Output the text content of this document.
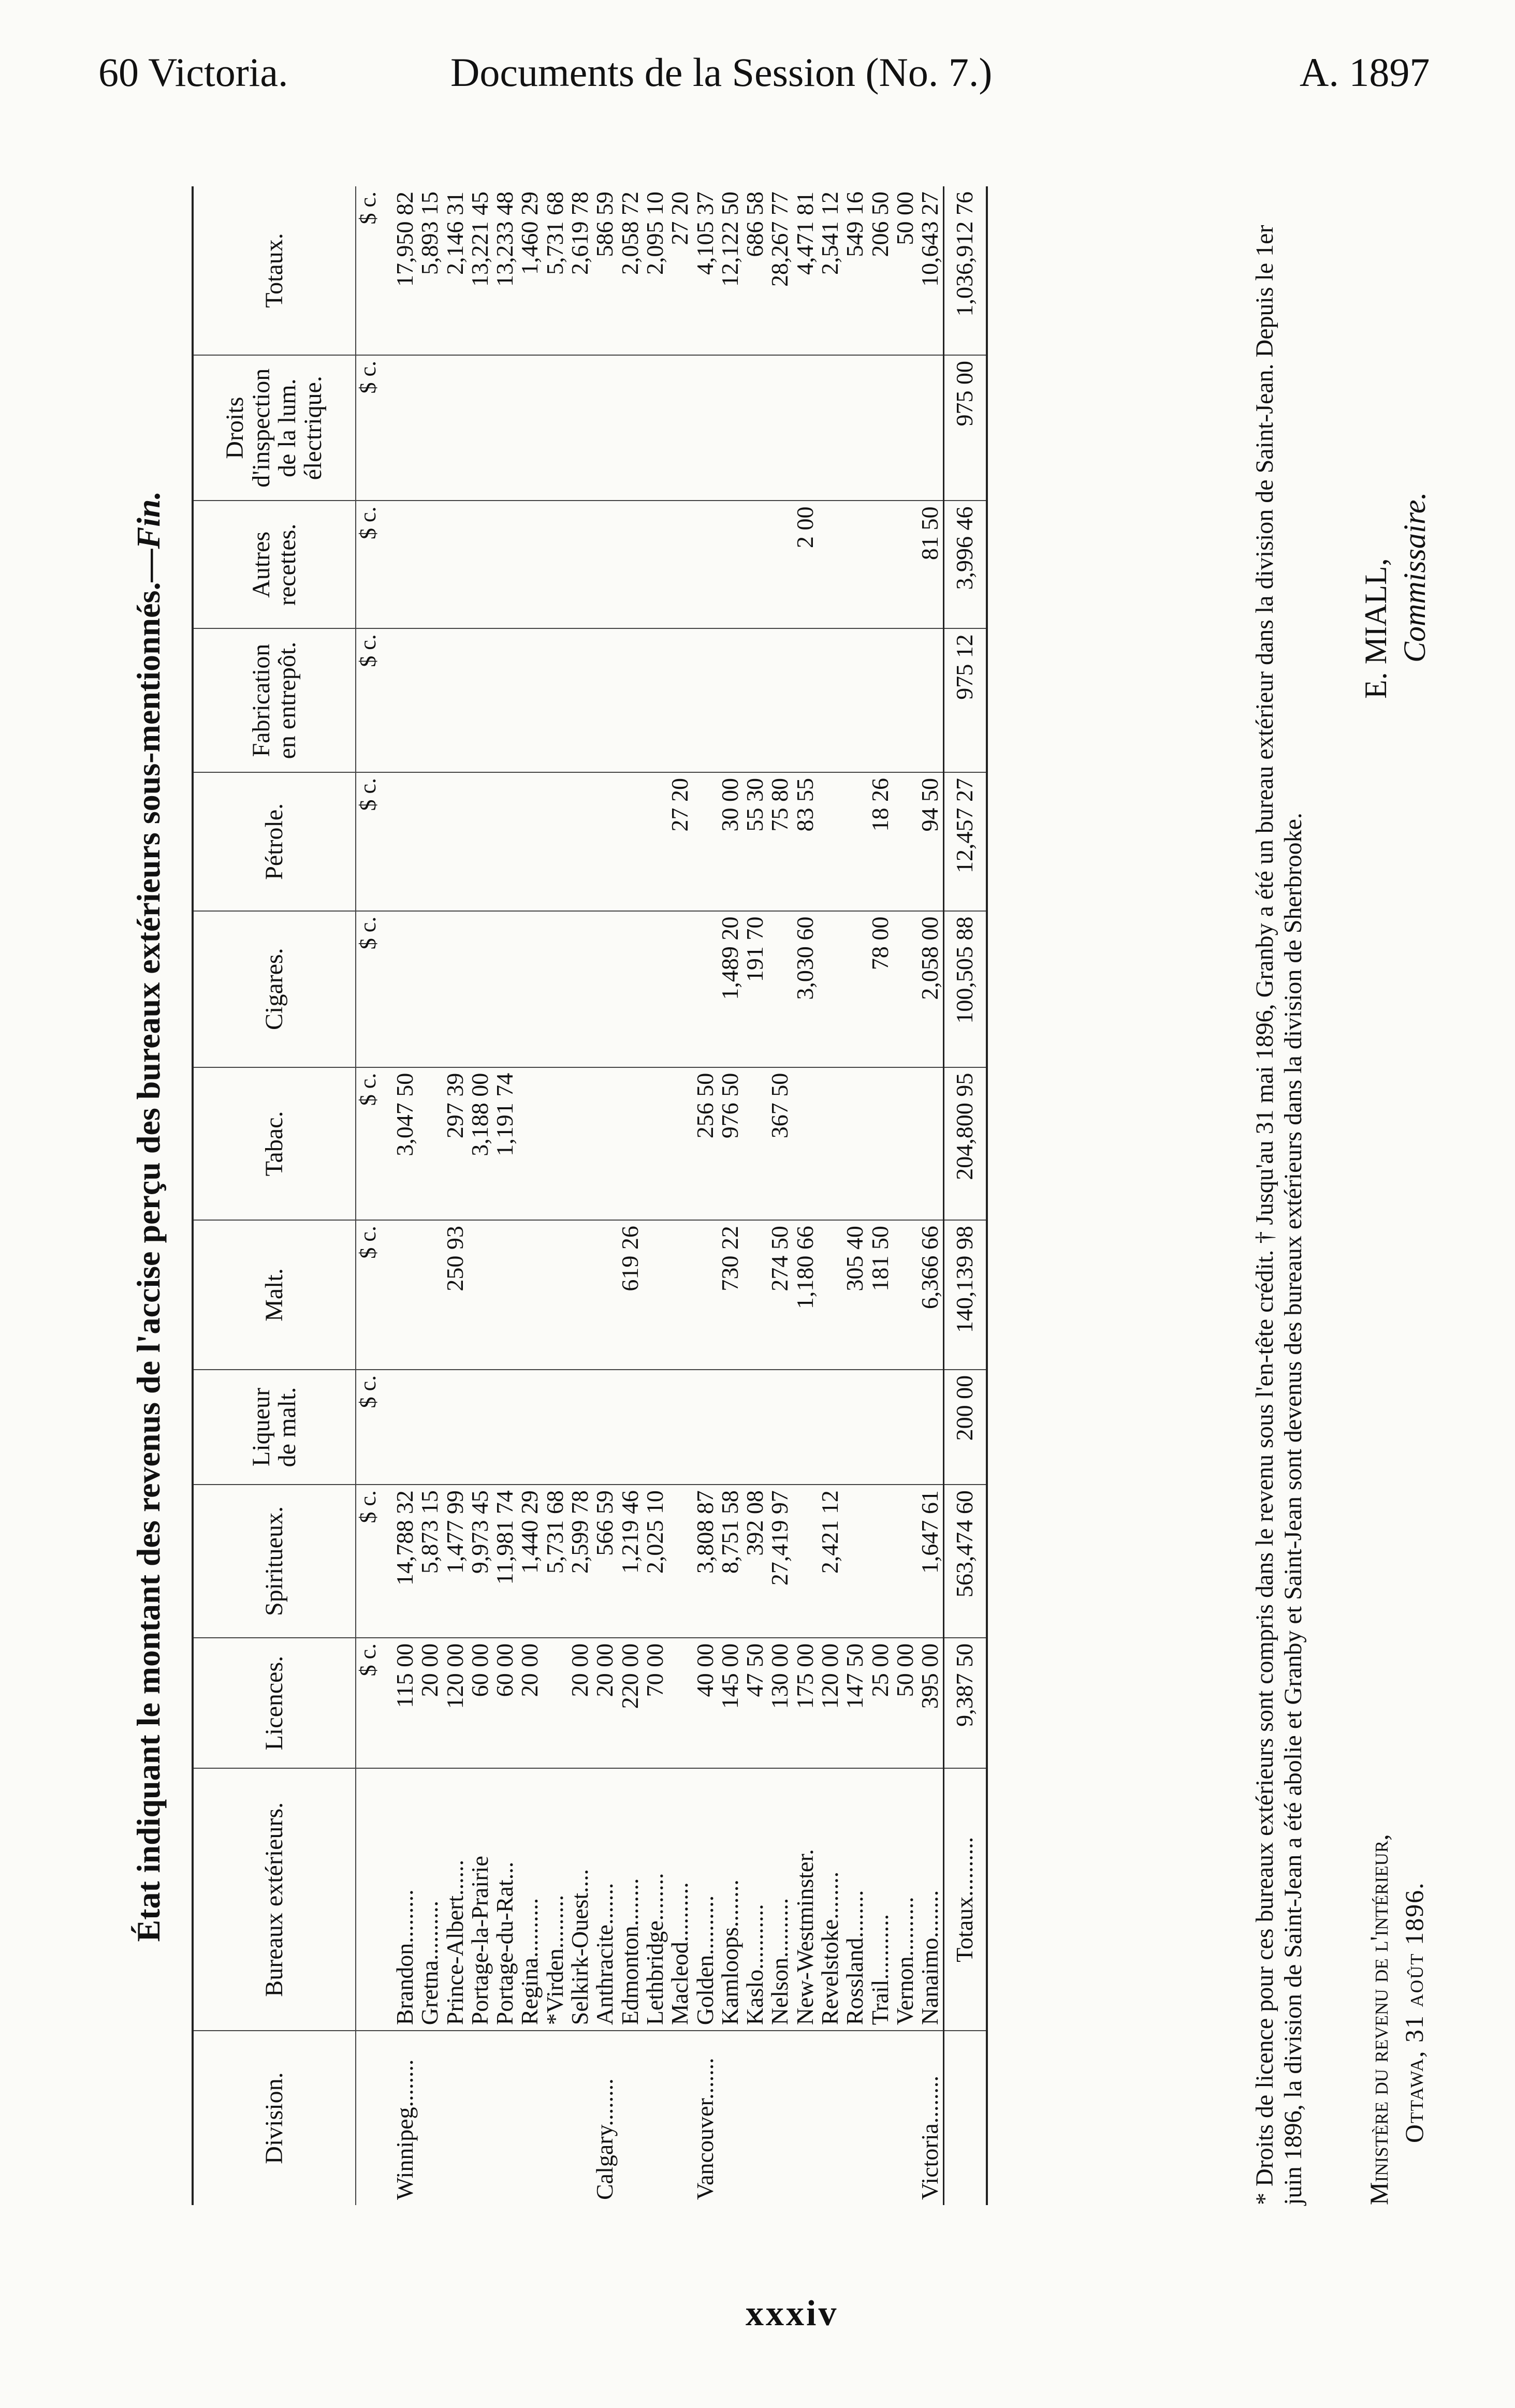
60 Victoria.	Documents de la Session (No. 7.)	A. 1897
État indiquant le montant des revenus de l'accise perçu des bureaux extérieurs sous-mentionnés.—Fin.
Division.	Bureaux extérieurs.	Licences.	Spiritueux.	Liqueur de malt.	Malt.	Tabac.	Cigares.	Pétrole.	Fabrication en entrepôt.	Autres recettes.	Droits d'inspection de la lum. électrique.	Totaux.
		$ c.	$ c.	$ c.	$ c.	$ c.	$ c.	$ c.	$ c.	$ c.	$ c.	$ c.
Winnipeg........	Brandon.........	115 00	14,788 32			3,047 50						17,950 82
	Gretna..........	20 00	5,873 15									5,893 15
	Prince-Albert......	120 00	1,477 99		250 93	297 39						2,146 31
	Portage-la-Prairie	60 00	9,973 45			3,188 00						13,221 45
	Portage-du-Rat...	60 00	11,981 74			1,191 74						13,233 48
	Regina..........	20 00	1,440 29									1,460 29
	*Virden.........		5,731 68									5,731 68
	Selkirk-Ouest....	20 00	2,599 78									2,619 78
Calgary........	Anthracite.......	20 00	566 59									586 59
	Edmonton........	220 00	1,219 46		619 26							2,058 72
	Lethbridge........	70 00	2,025 10									2,095 10
	Macleod..........							27 20				27 20
Vancouver.......	Golden..........	40 00	3,808 87			256 50						4,105 37
	Kamloops........	145 00	8,751 58		730 22	976 50	1,489 20	30 00				12,122 50
	Kaslo...........	47 50	392 08				191 70	55 30				686 58
	Nelson..........	130 00	27,419 97		274 50	367 50		75 80				28,267 77
	New-Westminster.	175 00			1,180 66		3,030 60	83 55		2 00		4,471 81
	Revelstoke........	120 00	2,421 12									2,541 12
	Rossland........	147 50			305 40							549 16
	Trail...........	25 00			181 50		78 00	18 26				206 50
	Vernon..........	50 00										50 00
Victoria........	Nanaimo........	395 00	1,647 61		6,366 66		2,058 00	94 50		81 50		10,643 27
	Totaux..........	9,387 50	563,474 60	200 00	140,139 98	204,800 95	100,505 88	12,457 27	975 12	3,996 46	975 00	1,036,912 76	* Droits de licence pour ces bureaux extérieurs sont compris dans le revenu sous l'en-tête crédit. † Jusqu'au 31 mai 1896, Granby a été un bureau extérieur dans la division de Saint-Jean. Depuis le 1er juin 1896, la division de Saint-Jean a été abolie et Granby et Saint-Jean sont devenus des bureaux extérieurs dans la division de Sherbrooke. Ministère du revenu de l'intérieur, Ottawa, 31 août 1896.
E. MIALL, Commissaire.
xxxiv
